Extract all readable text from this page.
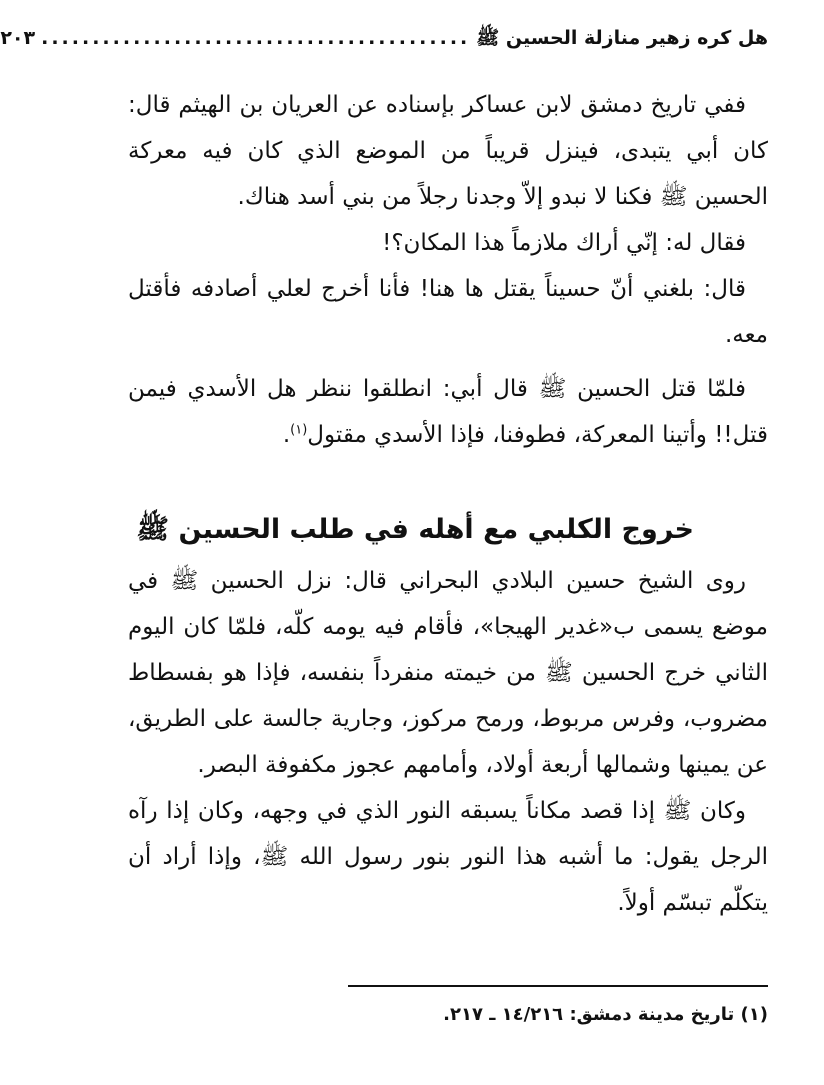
هل كره زهير منازلة الحسين ﷺ
..........................................
٢٠٣

ففي تاريخ دمشق لابن عساكر بإسناده عن العريان بن الهيثم قال: كان أبي يتبدى، فينزل قريباً من الموضع الذي كان فيه معركة الحسين ﷺ فكنا لا نبدو إلاّ وجدنا رجلاً من بني أسد هناك.

فقال له: إنّي أراك ملازماً هذا المكان؟!

قال: بلغني أنّ حسيناً يقتل ها هنا! فأنا أخرج لعلي أصادفه فأقتل معه.

فلمّا قتل الحسين ﷺ قال أبي: انطلقوا ننظر هل الأسدي فيمن قتل!! وأتينا المعركة، فطوفنا، فإذا الأسدي مقتول$^{(١)}$.

خروج الكلبي مع أهله في طلب الحسين ﷺ

روى الشيخ حسين البلادي البحراني قال: نزل الحسين ﷺ في موضع يسمى ب«غدير الهيجا»، فأقام فيه يومه كلّه، فلمّا كان اليوم الثاني خرج الحسين ﷺ من خيمته منفرداً بنفسه، فإذا هو بفسطاط مضروب، وفرس مربوط، ورمح مركوز، وجارية جالسة على الطريق، عن يمينها وشمالها أربعة أولاد، وأمامهم عجوز مكفوفة البصر.

وكان ﷺ إذا قصد مكاناً يسبقه النور الذي في وجهه، وكان إذا رآه الرجل يقول: ما أشبه هذا النور بنور رسول الله ﷺ، وإذا أراد أن يتكلّم تبسّم أولاً.

(١) تاريخ مدينة دمشق: ١٤/٢١٦ ـ ٢١٧.
